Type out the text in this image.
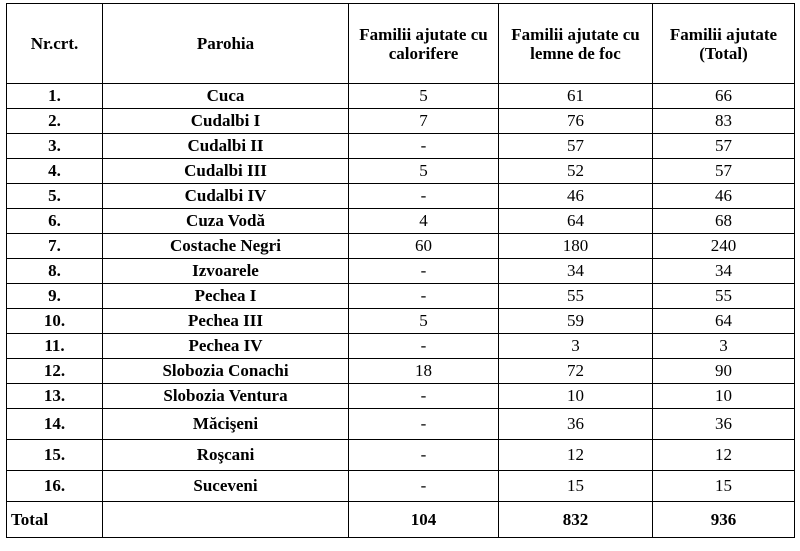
Nr.crt.	Parohia	Familii ajutate cu calorifere	Familii ajutate cu lemne de foc	Familii ajutate (Total)
1.	Cuca	5	61	66
2.	Cudalbi I	7	76	83
3.	Cudalbi II	-	57	57
4.	Cudalbi III	5	52	57
5.	Cudalbi IV	-	46	46
6.	Cuza Vodă	4	64	68
7.	Costache Negri	60	180	240
8.	Izvoarele	-	34	34
9.	Pechea I	-	55	55
10.	Pechea III	5	59	64
11.	Pechea IV	-	3	3
12.	Slobozia Conachi	18	72	90
13.	Slobozia Ventura	-	10	10
14.	Măcişeni	-	36	36
15.	Roşcani	-	12	12
16.	Suceveni	-	15	15
Total		104	832	936
